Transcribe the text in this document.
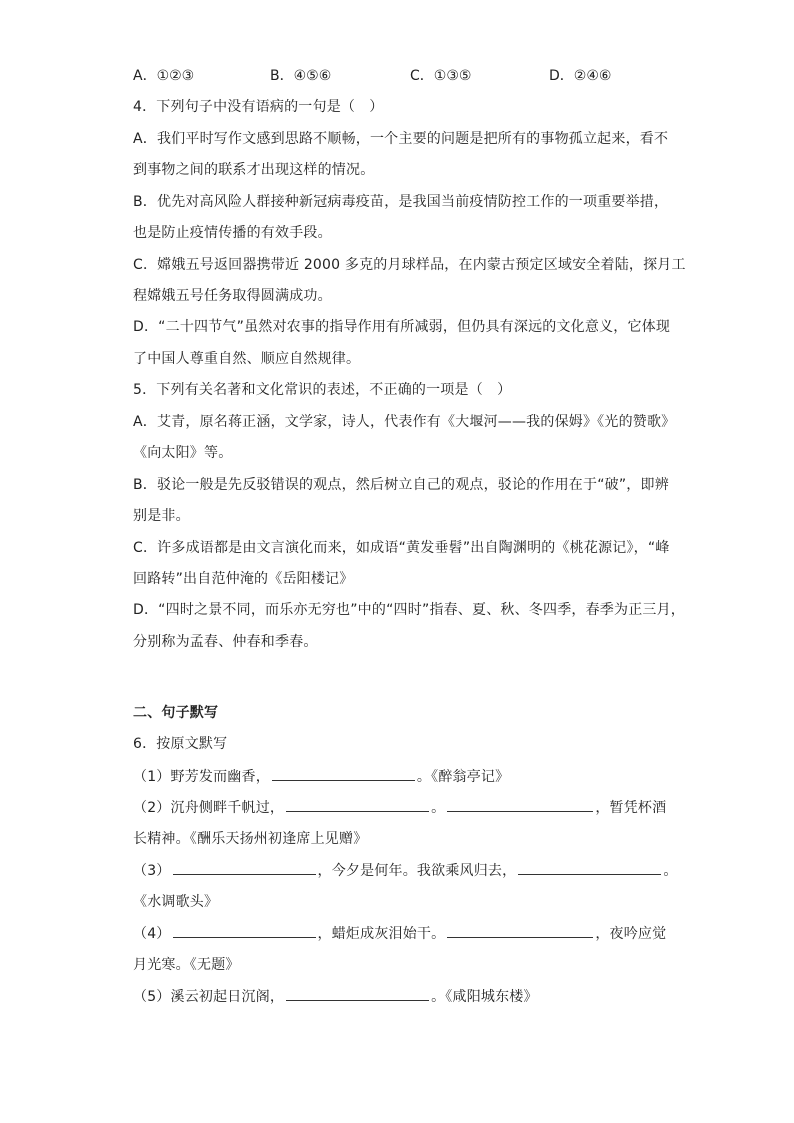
A．①②③	B．④⑤⑥	C．①③⑤	D．②④⑥
4．下列句子中没有语病的一句是（　）
A．我们平时写作文感到思路不顺畅，一个主要的问题是把所有的事物孤立起来，看不
到事物之间的联系才出现这样的情况。
B．优先对高风险人群接种新冠病毒疫苗，是我国当前疫情防控工作的一项重要举措，
也是防止疫情传播的有效手段。
C．嫦娥五号返回器携带近 2000 多克的月球样品，在内蒙古预定区域安全着陆，探月工
程嫦娥五号任务取得圆满成功。
D．“二十四节气”虽然对农事的指导作用有所减弱，但仍具有深远的文化意义，它体现
了中国人尊重自然、顺应自然规律。
5．下列有关名著和文化常识的表述，不正确的一项是（　）
A．艾青，原名蒋正涵，文学家，诗人，代表作有《大堰河——我的保姆》《光的赞歌》
《向太阳》等。
B．驳论一般是先反驳错误的观点，然后树立自己的观点，驳论的作用在于“破”，即辨
别是非。
C．许多成语都是由文言演化而来，如成语“黄发垂髫”出自陶渊明的《桃花源记》，“峰
回路转”出自范仲淹的《岳阳楼记》
D．“四时之景不同，而乐亦无穷也”中的“四时”指春、夏、秋、冬四季，春季为正三月，
分别称为孟春、仲春和季春。
二、句子默写
6．按原文默写
（1）野芳发而幽香，	。《醉翁亭记》
（2）沉舟侧畔千帆过，	。	，暂凭杯酒
长精神。《酬乐天扬州初逢席上见赠》
（3）	，今夕是何年。我欲乘风归去，	。
《水调歌头》
（4）	，蜡炬成灰泪始干。	，夜吟应觉
月光寒。《无题》
（5）溪云初起日沉阁，	。《咸阳城东楼》
